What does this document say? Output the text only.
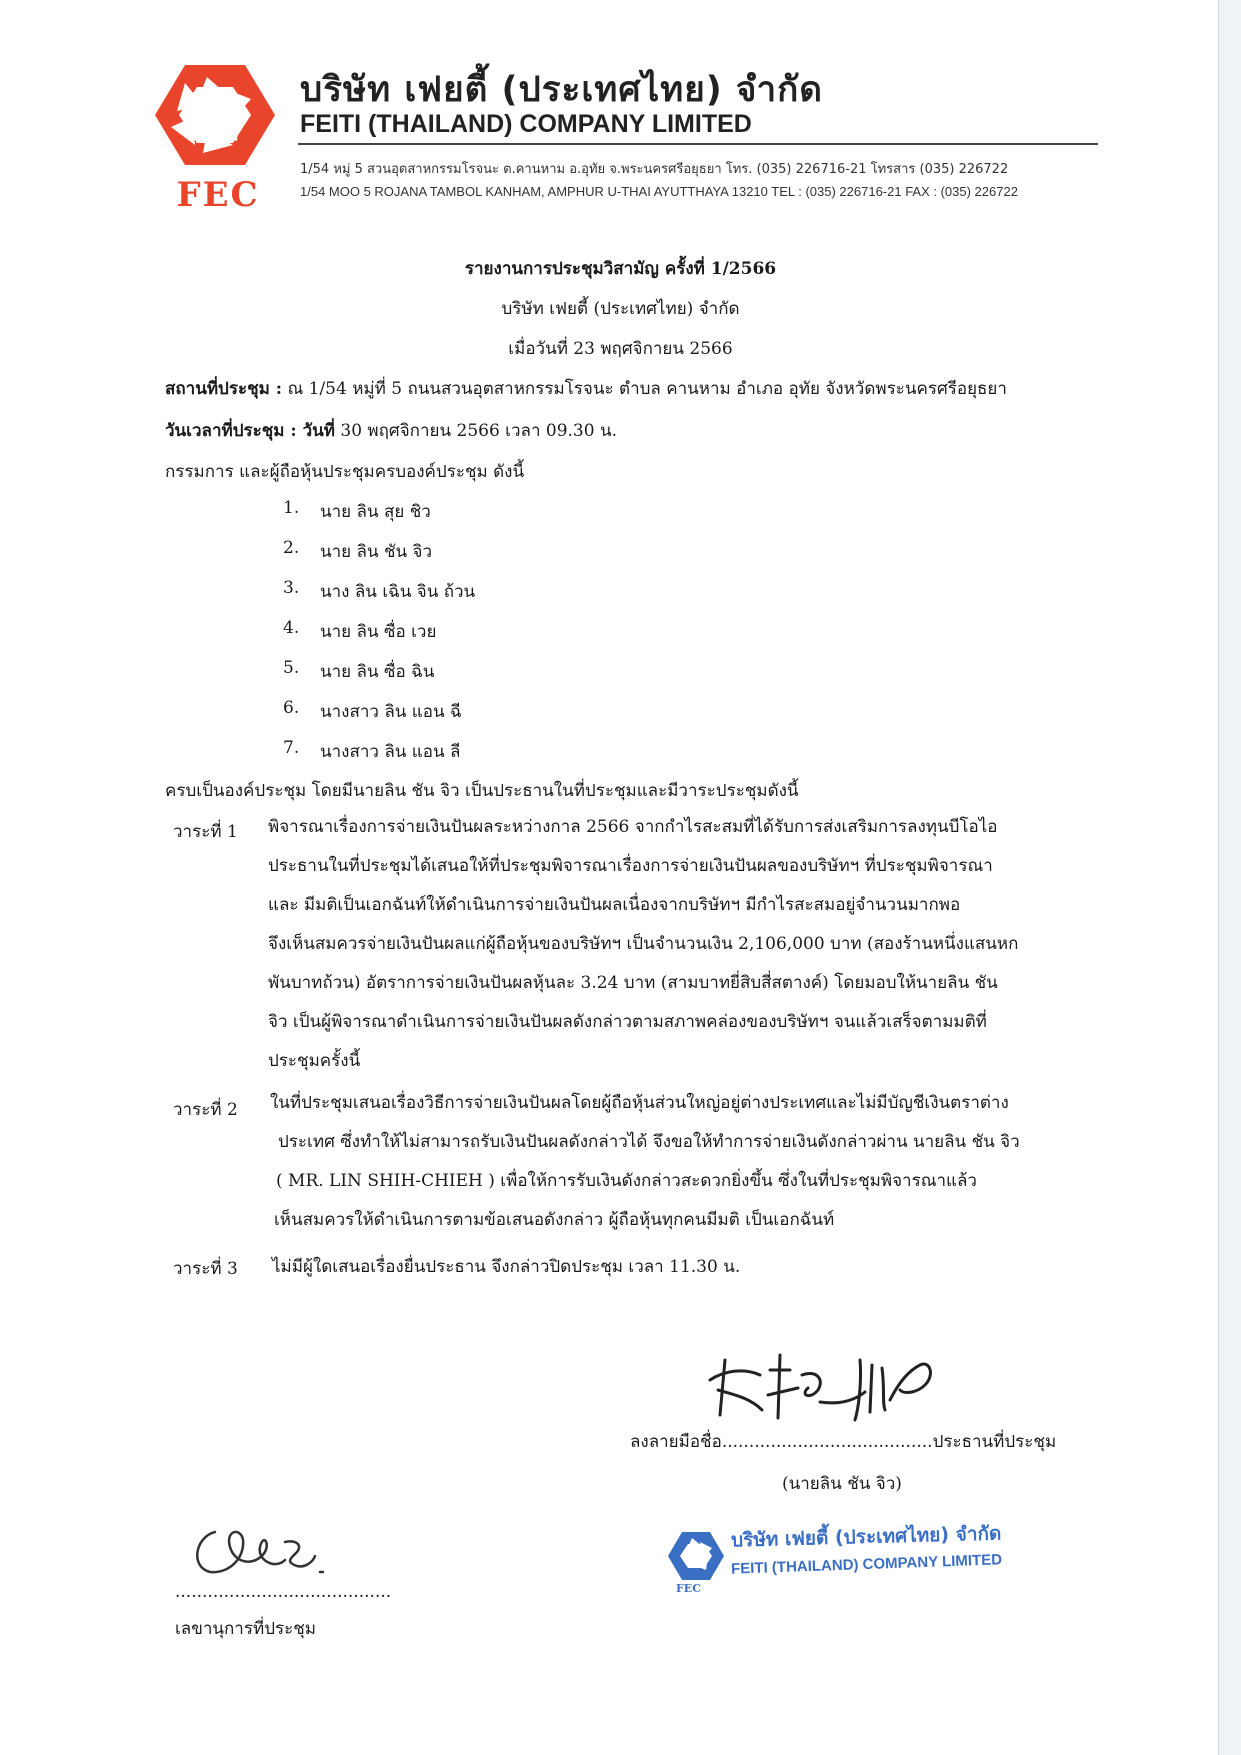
FEC
บริษัท เฟยตี้ (ประเทศไทย) จำกัด
FEITI (THAILAND) COMPANY LIMITED
1/54 หมู่ 5 สวนอุตสาหกรรมโรจนะ ต.คานหาม อ.อุทัย จ.พระนครศรีอยุธยา โทร. (035) 226716-21 โทรสาร (035) 226722
1/54 MOO 5 ROJANA TAMBOL KANHAM, AMPHUR U-THAI AYUTTHAYA 13210 TEL : (035) 226716-21 FAX : (035) 226722
รายงานการประชุมวิสามัญ ครั้งที่ 1/2566
บริษัท เฟยตี้ (ประเทศไทย) จำกัด
เมื่อวันที่ 23 พฤศจิกายน 2566
สถานที่ประชุม : ณ 1/54 หมู่ที่ 5 ถนนสวนอุตสาหกรรมโรจนะ ตำบล คานหาม อำเภอ อุทัย จังหวัดพระนครศรีอยุธยา
วันเวลาที่ประชุม : วันที่ 30 พฤศจิกายน 2566 เวลา 09.30 น.
กรรมการ และผู้ถือหุ้นประชุมครบองค์ประชุม ดังนี้
1. นาย ลิน สุย ชิว
2. นาย ลิน ชัน จิว
3. นาง ลิน เฉิน จิน ถ้วน
4. นาย ลิน ซื่อ เวย
5. นาย ลิน ซื่อ ฉิน
6. นางสาว ลิน แอน ฉี
7. นางสาว ลิน แอน ลี
ครบเป็นองค์ประชุม โดยมีนายลิน ชัน จิว เป็นประธานในที่ประชุมและมีวาระประชุมดังนี้
วาระที่ 1 พิจารณาเรื่องการจ่ายเงินปันผลระหว่างกาล 2566 จากกำไรสะสมที่ได้รับการส่งเสริมการลงทุนบีโอไอ
ประธานในที่ประชุมได้เสนอให้ที่ประชุมพิจารณาเรื่องการจ่ายเงินปันผลของบริษัทฯ ที่ประชุมพิจารณา
และ มีมติเป็นเอกฉันท์ให้ดำเนินการจ่ายเงินปันผลเนื่องจากบริษัทฯ มีกำไรสะสมอยู่จำนวนมากพอ
จึงเห็นสมควรจ่ายเงินปันผลแก่ผู้ถือหุ้นของบริษัทฯ เป็นจำนวนเงิน 2,106,000 บาท (สองร้านหนึ่งแสนหก
พันบาทถ้วน) อัตราการจ่ายเงินปันผลหุ้นละ 3.24 บาท (สามบาทยี่สิบสี่สตางค์) โดยมอบให้นายลิน ชัน
จิว เป็นผู้พิจารณาดำเนินการจ่ายเงินปันผลดังกล่าวตามสภาพคล่องของบริษัทฯ จนแล้วเสร็จตามมติที่
ประชุมครั้งนี้
วาระที่ 2 ในที่ประชุมเสนอเรื่องวิธีการจ่ายเงินปันผลโดยผู้ถือหุ้นส่วนใหญ่อยู่ต่างประเทศและไม่มีบัญชีเงินตราต่าง
ประเทศ ซึ่งทำให้ไม่สามารถรับเงินปันผลดังกล่าวได้ จึงขอให้ทำการจ่ายเงินดังกล่าวผ่าน นายลิน ชัน จิว
( MR. LIN SHIH-CHIEH ) เพื่อให้การรับเงินดังกล่าวสะดวกยิ่งขึ้น ซึ่งในที่ประชุมพิจารณาแล้ว
เห็นสมควรให้ดำเนินการตามข้อเสนอดังกล่าว ผู้ถือหุ้นทุกคนมีมติ เป็นเอกฉันท์
วาระที่ 3 ไม่มีผู้ใดเสนอเรื่องยื่นประธาน จึงกล่าวปิดประชุม เวลา 11.30 น.
ลงลายมือชื่อ.......................................ประธานที่ประชุม
(นายลิน ชัน จิว)
........................................
เลขานุการที่ประชุม
FEC
บริษัท เฟยตี้ (ประเทศไทย) จำกัด
FEITI (THAILAND) COMPANY LIMITED
